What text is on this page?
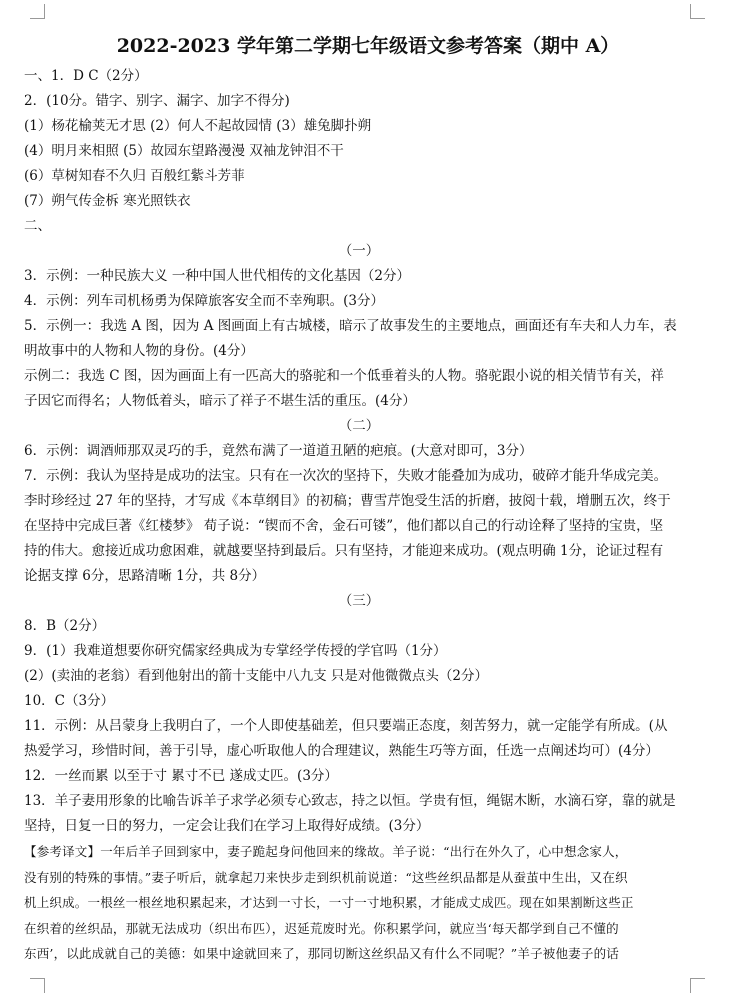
2022-2023 学年第二学期七年级语文参考答案（期中 A）
一、1．D C（2分）
2．(10分。错字、别字、漏字、加字不得分)
(1）杨花榆荚无才思 (2）何人不起故园情 (3）雄兔脚扑朔
(4）明月来相照 (5）故园东望路漫漫 双袖龙钟泪不干
(6）草树知春不久归 百般红紫斗芳菲
(7）朔气传金柝 寒光照铁衣
二、
（一）
3．示例：一种民族大义 一种中国人世代相传的文化基因（2分）
4．示例：列车司机杨勇为保障旅客安全而不幸殉职。(3分）
5．示例一：我选 A 图，因为 A 图画面上有古城楼，暗示了故事发生的主要地点，画面还有车夫和人力车，表
明故事中的人物和人物的身份。(4分）
示例二：我选 C 图，因为画面上有一匹高大的骆驼和一个低垂着头的人物。骆驼跟小说的相关情节有关，祥
子因它而得名；人物低着头，暗示了祥子不堪生活的重压。(4分）
（二）
6．示例：调酒师那双灵巧的手，竟然布满了一道道丑陋的疤痕。(大意对即可，3分）
7．示例：我认为坚持是成功的法宝。只有在一次次的坚持下，失败才能叠加为成功，破碎才能升华成完美。
李时珍经过 27 年的坚持，才写成《本草纲目》的初稿；曹雪芹饱受生活的折磨，披阅十载，增删五次，终于
在坚持中完成巨著《红楼梦》 荀子说：“锲而不舍，金石可镂”，他们都以自己的行动诠释了坚持的宝贵，坚
持的伟大。愈接近成功愈困难，就越要坚持到最后。只有坚持，才能迎来成功。(观点明确 1分，论证过程有
论据支撑 6分，思路清晰 1分，共 8分）
（三）
8．B（2分）
9．(1）我难道想要你研究儒家经典成为专掌经学传授的学官吗（1分）
(2）(卖油的老翁）看到他射出的箭十支能中八九支 只是对他微微点头（2分）
10．C（3分）
11．示例：从吕蒙身上我明白了，一个人即使基础差，但只要端正态度，刻苦努力，就一定能学有所成。(从
热爱学习，珍惜时间，善于引导，虚心听取他人的合理建议，熟能生巧等方面，任选一点阐述均可）(4分）
12．一丝而累 以至于寸 累寸不已 遂成丈匹。(3分）
13．羊子妻用形象的比喻告诉羊子求学必须专心致志，持之以恒。学贵有恒，绳锯木断，水滴石穿，靠的就是
坚持，日复一日的努力，一定会让我们在学习上取得好成绩。(3分）
【参考译文】一年后羊子回到家中，妻子跪起身问他回来的缘故。羊子说：“出行在外久了，心中想念家人，
没有别的特殊的事情。”妻子听后，就拿起刀来快步走到织机前说道：“这些丝织品都是从蚕茧中生出，又在织
机上织成。一根丝一根丝地积累起来，才达到一寸长，一寸一寸地积累，才能成丈成匹。现在如果割断这些正
在织着的丝织品，那就无法成功（织出布匹），迟延荒废时光。你积累学问，就应当‘每天都学到自己不懂的
东西’，以此成就自己的美德：如果中途就回来了，那同切断这丝织品又有什么不同呢？”羊子被他妻子的话
